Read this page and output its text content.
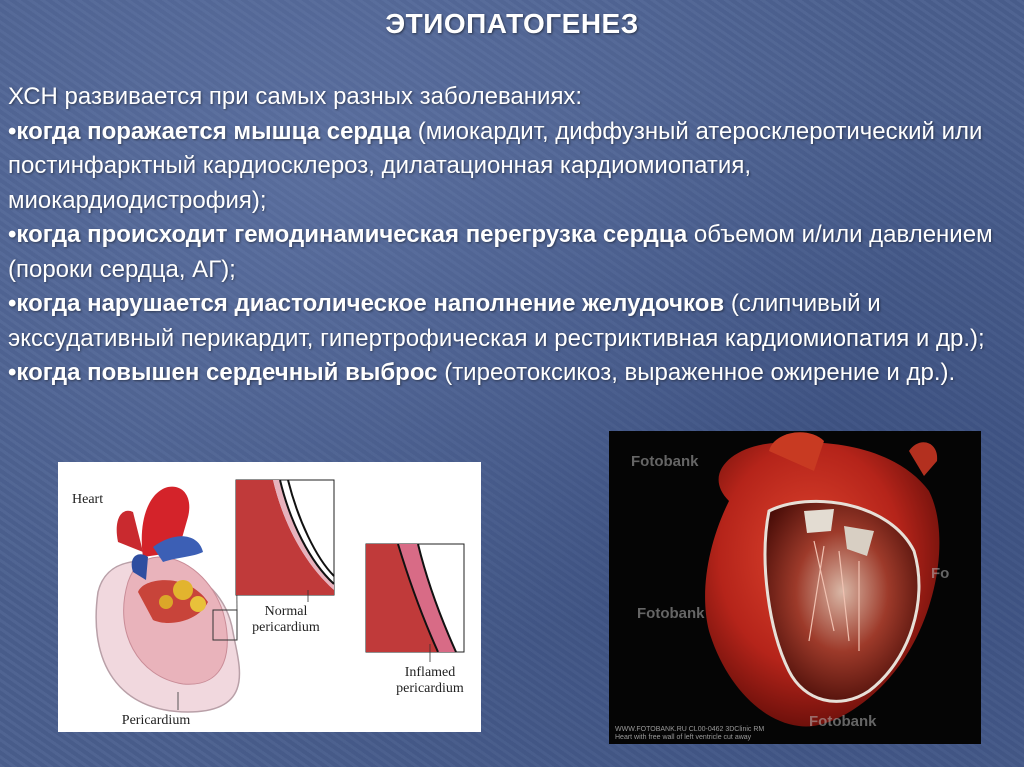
ЭТИОПАТОГЕНЕЗ

ХСН развивается при самых разных заболеваниях:

•когда поражается мышца сердца (миокардит, диффузный атеросклеротический или постинфарктный кардиосклероз, дилатационная кардиомиопатия, миокардиодистрофия);

•когда происходит гемодинамическая перегрузка сердца объемом и/или давлением (пороки сердца, АГ);

•когда нарушается диастолическое наполнение желудочков (слипчивый и экссудативный перикардит, гипертрофическая и рестриктивная кардиомиопатия и др.);

•когда повышен сердечный выброс (тиреотоксикоз, выраженное ожирение и др.).

Heart
Normal
pericardium
Inflamed
pericardium
Pericardium
Fotobank
Fo
Fotobank
Fotobank
WWW.FOTOBANK.RU CL00-0462 3DClinic RM
Heart with free wall of left ventricle cut away
